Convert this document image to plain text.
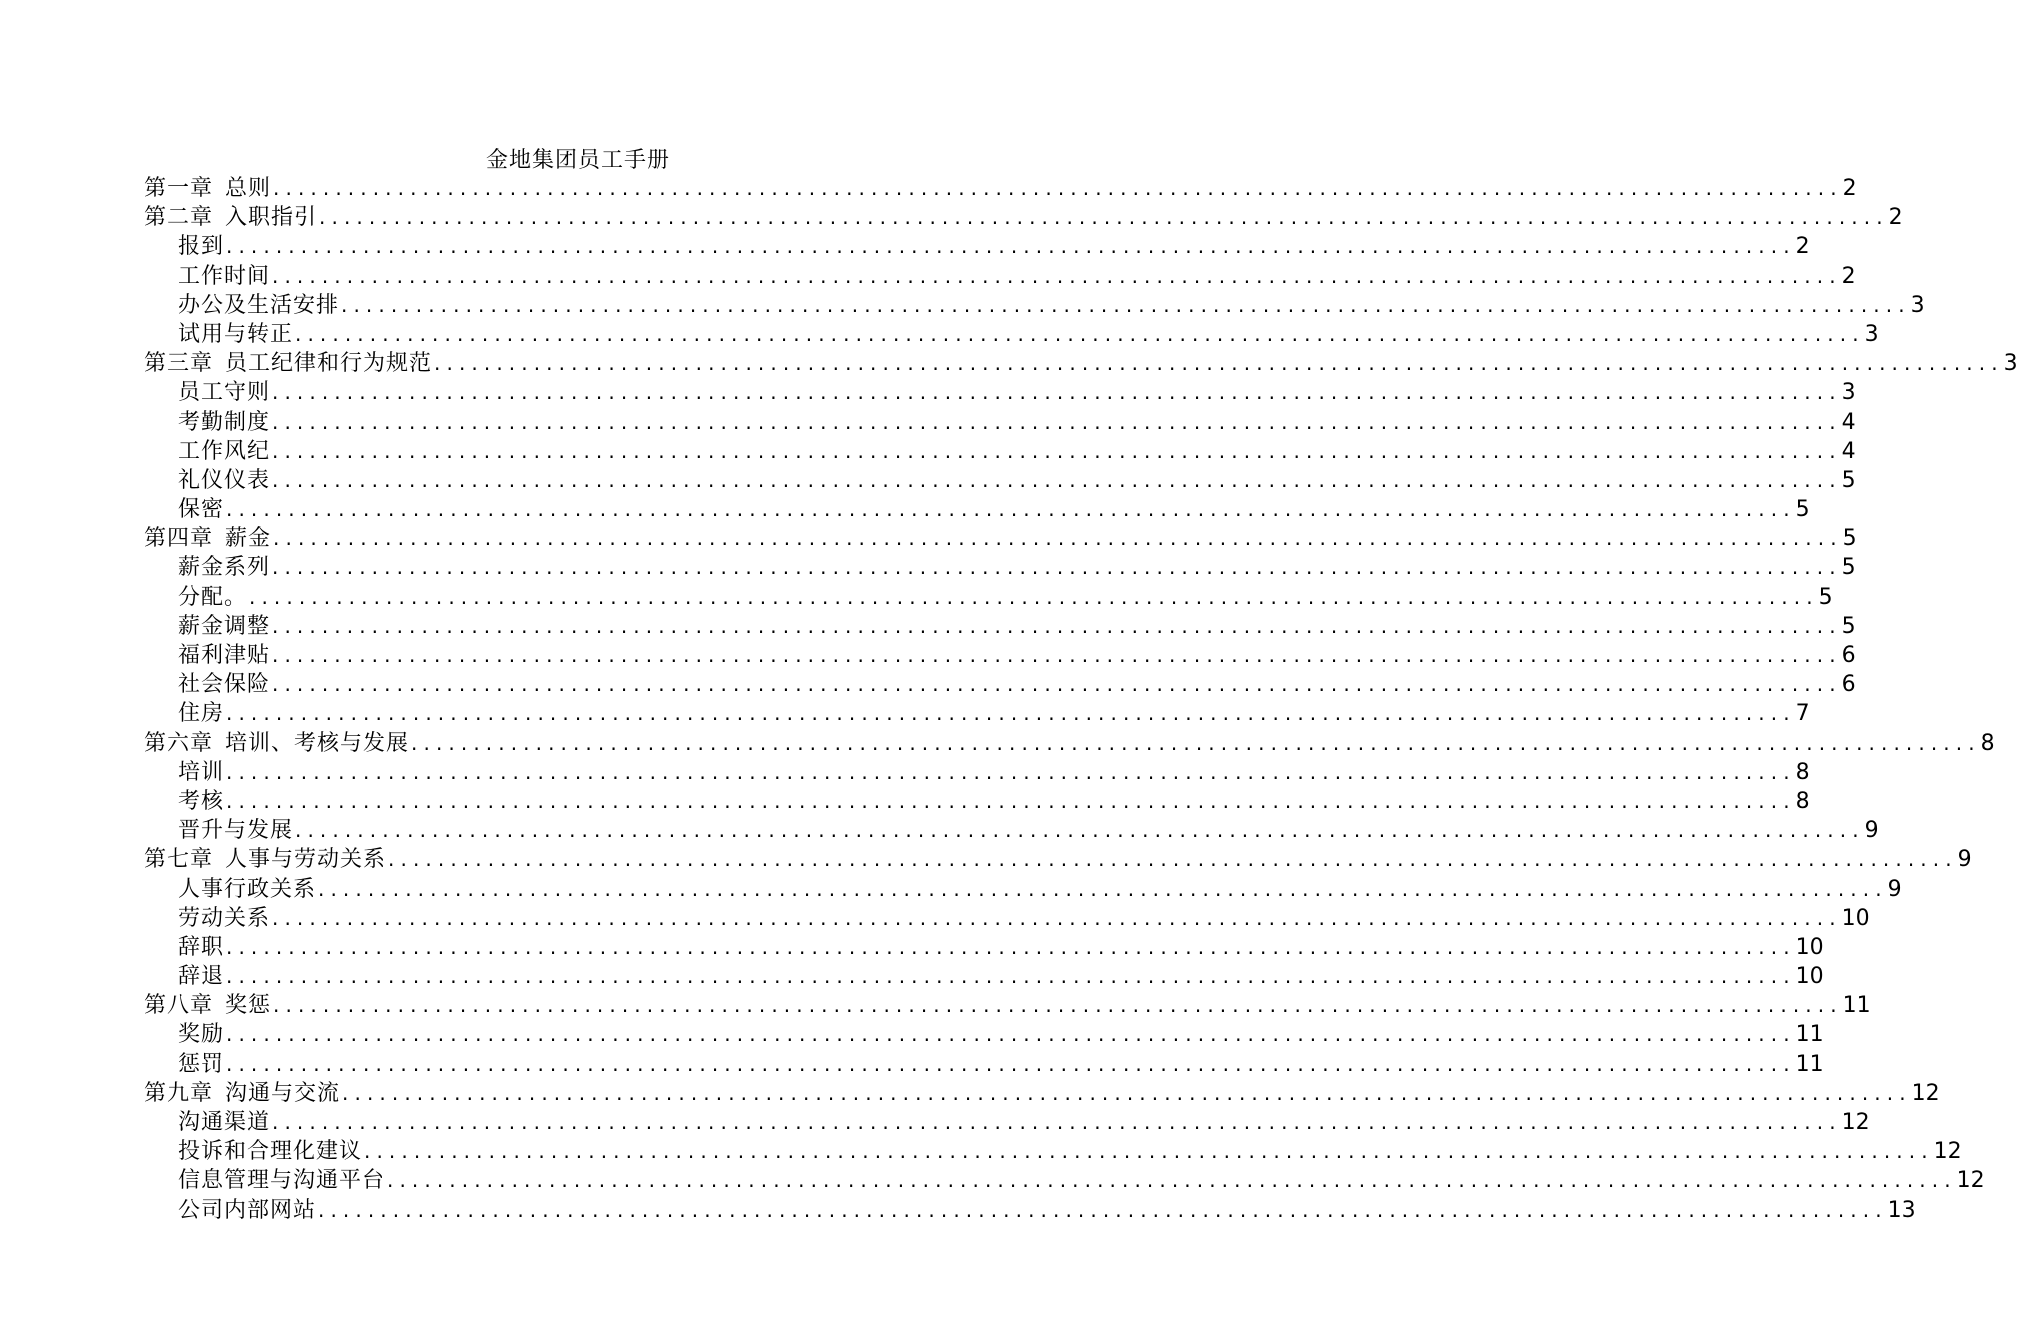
金地集团员工手册
第一章 总则 .............................................................................................................................. 2
第二章 入职指引 .............................................................................................................................. 2
报到 .............................................................................................................................. 2
工作时间 .............................................................................................................................. 2
办公及生活安排 .............................................................................................................................. 3
试用与转正 .............................................................................................................................. 3
第三章 员工纪律和行为规范 .............................................................................................................................. 3
员工守则 .............................................................................................................................. 3
考勤制度 .............................................................................................................................. 4
工作风纪 .............................................................................................................................. 4
礼仪仪表 .............................................................................................................................. 5
保密 .............................................................................................................................. 5
第四章 薪金 .............................................................................................................................. 5
薪金系列 .............................................................................................................................. 5
分配。 .............................................................................................................................. 5
薪金调整 .............................................................................................................................. 5
福利津贴 .............................................................................................................................. 6
社会保险 .............................................................................................................................. 6
住房 .............................................................................................................................. 7
第六章 培训、考核与发展 .............................................................................................................................. 8
培训 .............................................................................................................................. 8
考核 .............................................................................................................................. 8
晋升与发展 .............................................................................................................................. 9
第七章 人事与劳动关系 .............................................................................................................................. 9
人事行政关系 .............................................................................................................................. 9
劳动关系 .............................................................................................................................. 10
辞职 .............................................................................................................................. 10
辞退 .............................................................................................................................. 10
第八章 奖惩 .............................................................................................................................. 11
奖励 .............................................................................................................................. 11
惩罚 .............................................................................................................................. 11
第九章 沟通与交流 .............................................................................................................................. 12
沟通渠道 .............................................................................................................................. 12
投诉和合理化建议 .............................................................................................................................. 12
信息管理与沟通平台 .............................................................................................................................. 12
公司内部网站 .............................................................................................................................. 13
